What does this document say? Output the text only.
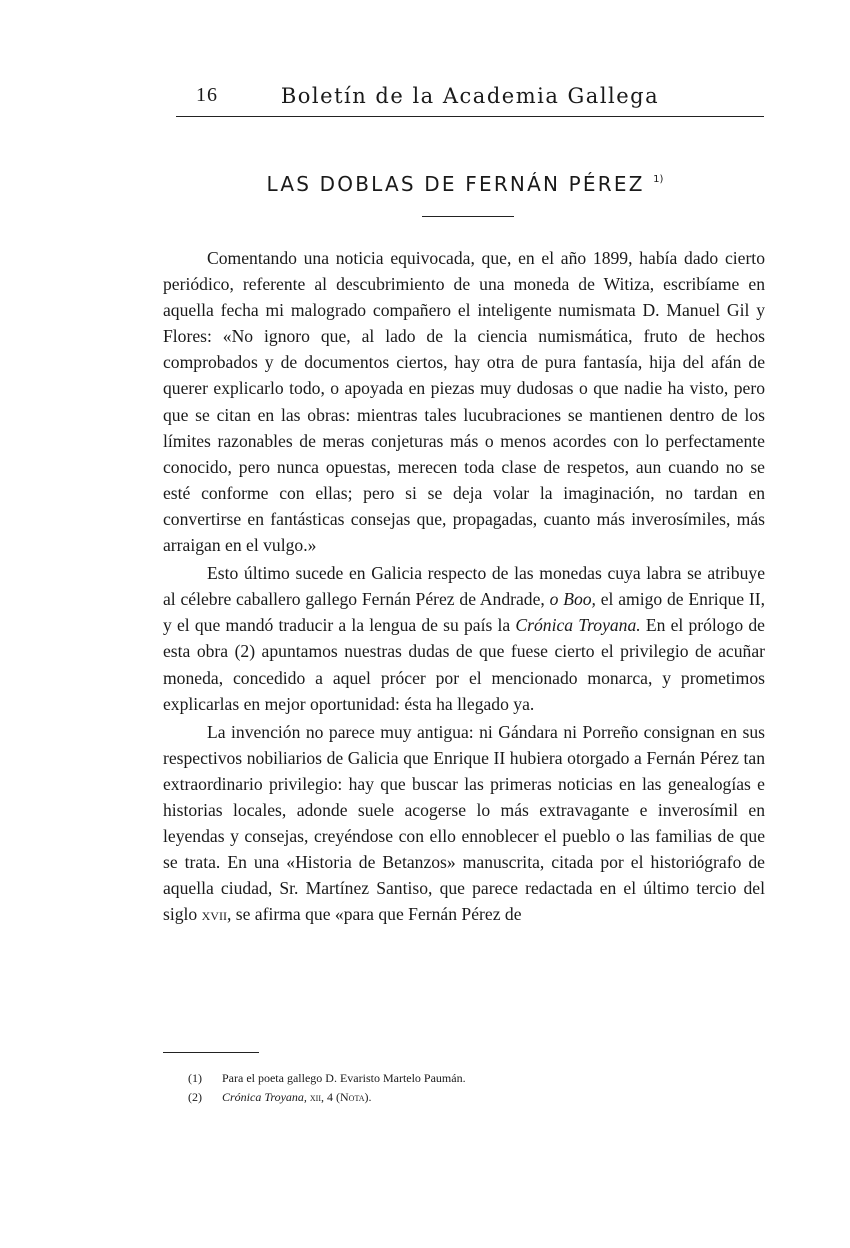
16	Boletín de la Academia Gallega
LAS DOBLAS DE FERNÁN PÉREZ $^{1)}$

Comentando una noticia equivocada, que, en el año 1899, había dado cierto periódico, referente al descubrimiento de una moneda de Witiza, escribíame en aquella fecha mi malogrado compañero el inteligente numismata D. Manuel Gil y Flores: «No ignoro que, al lado de la ciencia numismática, fruto de hechos comprobados y de documentos ciertos, hay otra de pura fantasía, hija del afán de querer explicarlo todo, o apoyada en piezas muy dudosas o que nadie ha visto, pero que se citan en las obras: mientras tales lucubraciones se mantienen dentro de los límites razonables de meras conjeturas más o menos acordes con lo perfectamente conocido, pero nunca opuestas, merecen toda clase de respetos, aun cuando no se esté conforme con ellas; pero si se deja volar la imaginación, no tardan en convertirse en fantásticas consejas que, propagadas, cuanto más inverosímiles, más arraigan en el vulgo.»

Esto último sucede en Galicia respecto de las monedas cuya labra se atribuye al célebre caballero gallego Fernán Pérez de Andrade, o Boo, el amigo de Enrique II, y el que mandó traducir a la lengua de su país la Crónica Troyana. En el prólogo de esta obra (2) apuntamos nuestras dudas de que fuese cierto el privilegio de acuñar moneda, concedido a aquel prócer por el mencionado monarca, y prometimos explicarlas en mejor oportunidad: ésta ha llegado ya.

La invención no parece muy antigua: ni Gándara ni Porreño consignan en sus respectivos nobiliarios de Galicia que Enrique II hubiera otorgado a Fernán Pérez tan extraordinario privilegio: hay que buscar las primeras noticias en las genealogías e historias locales, adonde suele acogerse lo más extravagante e inverosímil en leyendas y consejas, creyéndose con ello ennoblecer el pueblo o las familias de que se trata. En una «Historia de Betanzos» manuscrita, citada por el historiógrafo de aquella ciudad, Sr. Martínez Santiso, que parece redactada en el último tercio del siglo xvii, se afirma que «para que Fernán Pérez de

(1) Para el poeta gallego D. Evaristo Martelo Paumán.
(2) Crónica Troyana, xii, 4 (Nota).
